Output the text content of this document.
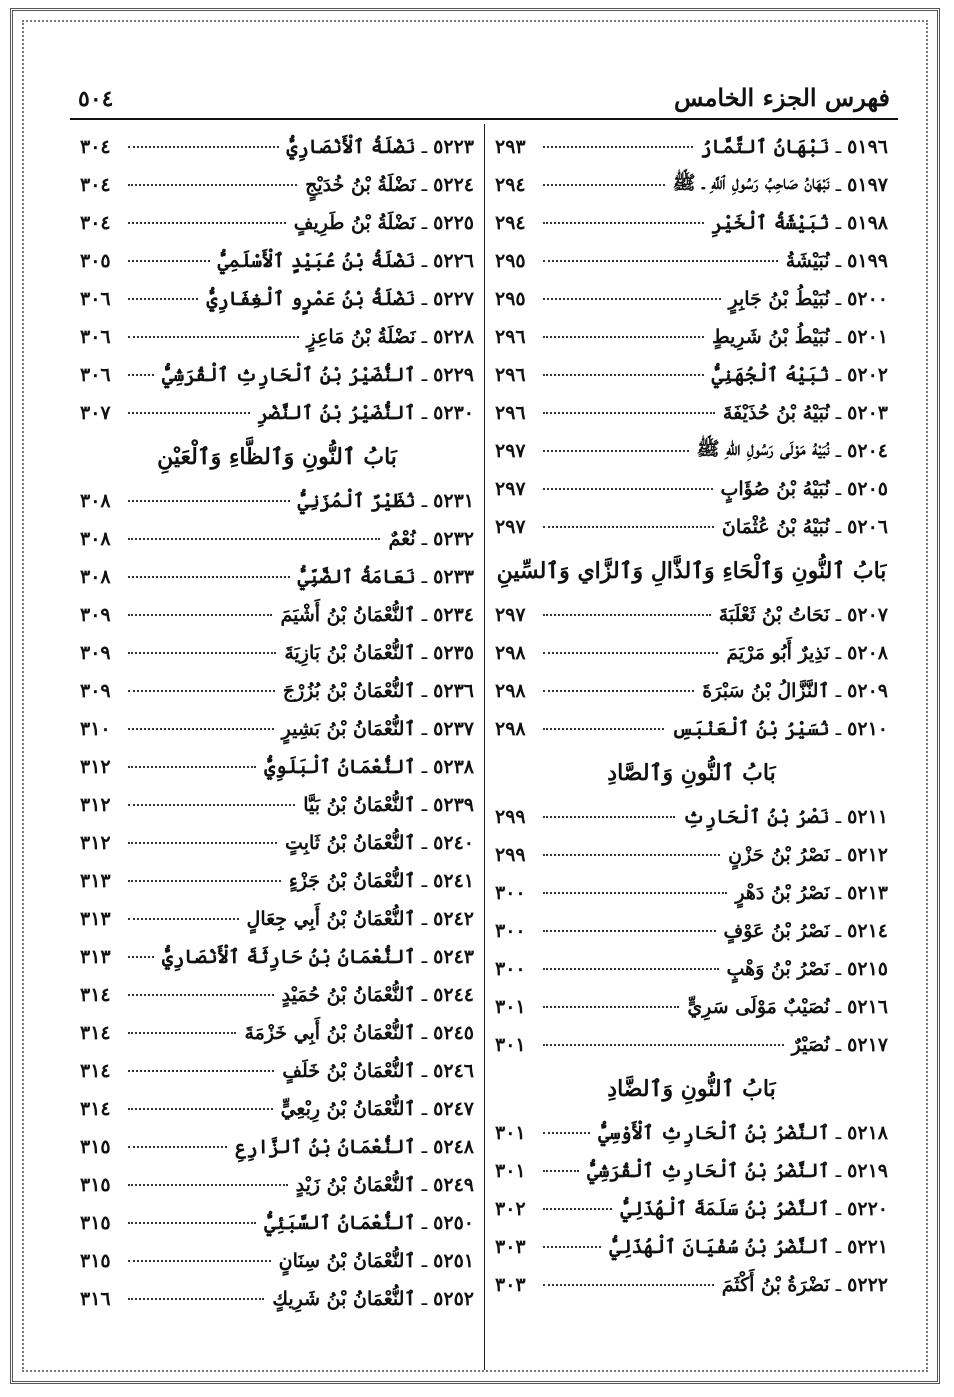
فهرس الجزء الخامس
٥٠٤
٥١٩٦
ـ
نَبْهَانُ ٱلتَّمَّارُ
٢٩٣
٥١٩٧
ـ
نَبْهَانُ صَاحِبُ رَسُولِ ٱللَّهِ ـ ﷺ
٢٩٤
٥١٩٨
ـ
نُبَيْشَةُ ٱلْخَيْرِ
٢٩٤
٥١٩٩
ـ
نُبَيْشَةُ
٢٩٥
٥٢٠٠
ـ
نُبَيْطُ بْنُ جَابِرٍ
٢٩٥
٥٢٠١
ـ
نُبَيْطُ بْنُ شَرِيطٍ
٢٩٦
٥٢٠٢
ـ
نُبَيْهُ ٱلْجُهَنِيُّ
٢٩٦
٥٢٠٣
ـ
نُبَيْهُ بْنُ حُذَيْفَةَ
٢٩٦
٥٢٠٤
ـ
نُبَيْهُ مَوْلَى رَسُولِ اللهِ ﷺ
٢٩٧
٥٢٠٥
ـ
نُبَيْهُ بْنُ صُؤَابٍ
٢٩٧
٥٢٠٦
ـ
نُبَيْهُ بْنُ عُثْمَانَ
٢٩٧
بَابُ ٱلنُّونِ وَٱلْحَاءِ وَٱلذَّالِ وَٱلزَّاي وَٱلسِّينِ
٥٢٠٧
ـ
نَحَاتُ بْنُ ثَعْلَبَةَ
٢٩٧
٥٢٠٨
ـ
نَذِيرٌ أَبُو مَرْيَمَ
٢٩٨
٥٢٠٩
ـ
ٱلنَّزَّالُ بْنُ سَبْرَةَ
٢٩٨
٥٢١٠
ـ
نُسَيْرُ بْنُ ٱلْعَنْبَسِ
٢٩٨
بَابُ ٱلنُّونِ وَٱلصَّادِ
٥٢١١
ـ
نَصْرُ بْنُ ٱلْحَارِثِ
٢٩٩
٥٢١٢
ـ
نَصْرُ بْنُ حَزْنٍ
٢٩٩
٥٢١٣
ـ
نَصْرُ بْنُ دَهْرٍ
٣٠٠
٥٢١٤
ـ
نَصْرُ بْنُ عَوْفٍ
٣٠٠
٥٢١٥
ـ
نَصْرُ بْنُ وَهْبٍ
٣٠٠
٥٢١٦
ـ
نُصَيْبٌ مَوْلَى سَرِيٍّ
٣٠١
٥٢١٧
ـ
نُصَيْرٌ
٣٠١
بَابُ ٱلنُّونِ وَٱلضَّادِ
٥٢١٨
ـ
ٱلنَّضْرُ بْنُ ٱلْحَارِثِ ٱلْأَوْسِيُّ
٣٠١
٥٢١٩
ـ
ٱلنَّضْرُ بْنُ ٱلْحَارِثِ ٱلْقُرَشِيُّ
٣٠١
٥٢٢٠
ـ
ٱلنَّضْرُ بْنُ سَلَمَةَ ٱلْهُذَلِيُّ
٣٠٢
٥٢٢١
ـ
ٱلنَّضْرُ بْنُ سُفْيَانَ ٱلْهُذَلِيُّ
٣٠٣
٥٢٢٢
ـ
نَضْرَةُ بْنُ أَكْثَمَ
٣٠٣
٥٢٢٣
ـ
نَضْلَةُ ٱلْأَنْصَارِيُّ
٣٠٤
٥٢٢٤
ـ
نَضْلَةُ بْنُ خُدَيْجٍ
٣٠٤
٥٢٢٥
ـ
نَضْلَةُ بْنُ طَرِيفٍ
٣٠٤
٥٢٢٦
ـ
نَضْلَةُ بْنُ عُبَيْدٍ ٱلْأَسْلَمِيُّ
٣٠٥
٥٢٢٧
ـ
نَضْلَةُ بْنُ عَمْرٍو ٱلْغِفَارِيُّ
٣٠٦
٥٢٢٨
ـ
نَضْلَةُ بْنُ مَاعِزٍ
٣٠٦
٥٢٢٩
ـ
ٱلنُّضَيْرُ بْنُ ٱلْحَارِثِ ٱلْقُرَشِيُّ
٣٠٦
٥٢٣٠
ـ
ٱلنُّضَيْرُ بْنُ ٱلنَّضْرِ
٣٠٧
بَابُ ٱلنُّونِ وَٱلظَّاءِ وَٱلْعَيْنِ
٥٢٣١
ـ
نُظَيْرٌ ٱلْمُزَنِيُّ
٣٠٨
٥٢٣٢
ـ
نُعْمٌ
٣٠٨
٥٢٣٣
ـ
نَعَامَةُ ٱلضَّبِّيُّ
٣٠٨
٥٢٣٤
ـ
ٱلنُّعْمَانُ بْنُ أَشْيَمَ
٣٠٩
٥٢٣٥
ـ
ٱلنُّعْمَانُ بْنُ بَازِيَةَ
٣٠٩
٥٢٣٦
ـ
ٱلنُّعْمَانُ بْنُ بُزُرْجَ
٣٠٩
٥٢٣٧
ـ
ٱلنُّعْمَانُ بْنُ بَشِيرٍ
٣١٠
٥٢٣٨
ـ
ٱلنُّعْمَانُ ٱلْبَلَوِيُّ
٣١٢
٥٢٣٩
ـ
ٱلنُّعْمَانُ بْنُ بَيَّا
٣١٢
٥٢٤٠
ـ
ٱلنُّعْمَانُ بْنُ ثَابِتٍ
٣١٢
٥٢٤١
ـ
ٱلنُّعْمَانُ بْنُ جَزْءٍ
٣١٣
٥٢٤٢
ـ
ٱلنُّعْمَانُ بْنُ أَبِي جِعَالٍ
٣١٣
٥٢٤٣
ـ
ٱلنُّعْمَانُ بْنُ حَارِثَةَ ٱلْأَنْصَارِيُّ
٣١٣
٥٢٤٤
ـ
ٱلنُّعْمَانُ بْنُ حُمَيْدٍ
٣١٤
٥٢٤٥
ـ
ٱلنُّعْمَانُ بْنُ أَبِي خَزْمَةَ
٣١٤
٥٢٤٦
ـ
ٱلنُّعْمَانُ بْنُ خَلَفٍ
٣١٤
٥٢٤٧
ـ
ٱلنُّعْمَانُ بْنُ رِبْعِيٍّ
٣١٤
٥٢٤٨
ـ
ٱلنُّعْمَانُ بْنُ ٱلزَّارِعِ
٣١٥
٥٢٤٩
ـ
ٱلنُّعْمَانُ بْنُ زَيْدٍ
٣١٥
٥٢٥٠
ـ
ٱلنُّعْمَانُ ٱلسَّبَئِيُّ
٣١٥
٥٢٥١
ـ
ٱلنُّعْمَانُ بْنُ سِنَانٍ
٣١٥
٥٢٥٢
ـ
ٱلنُّعْمَانُ بْنُ شَرِيكٍ
٣١٦
